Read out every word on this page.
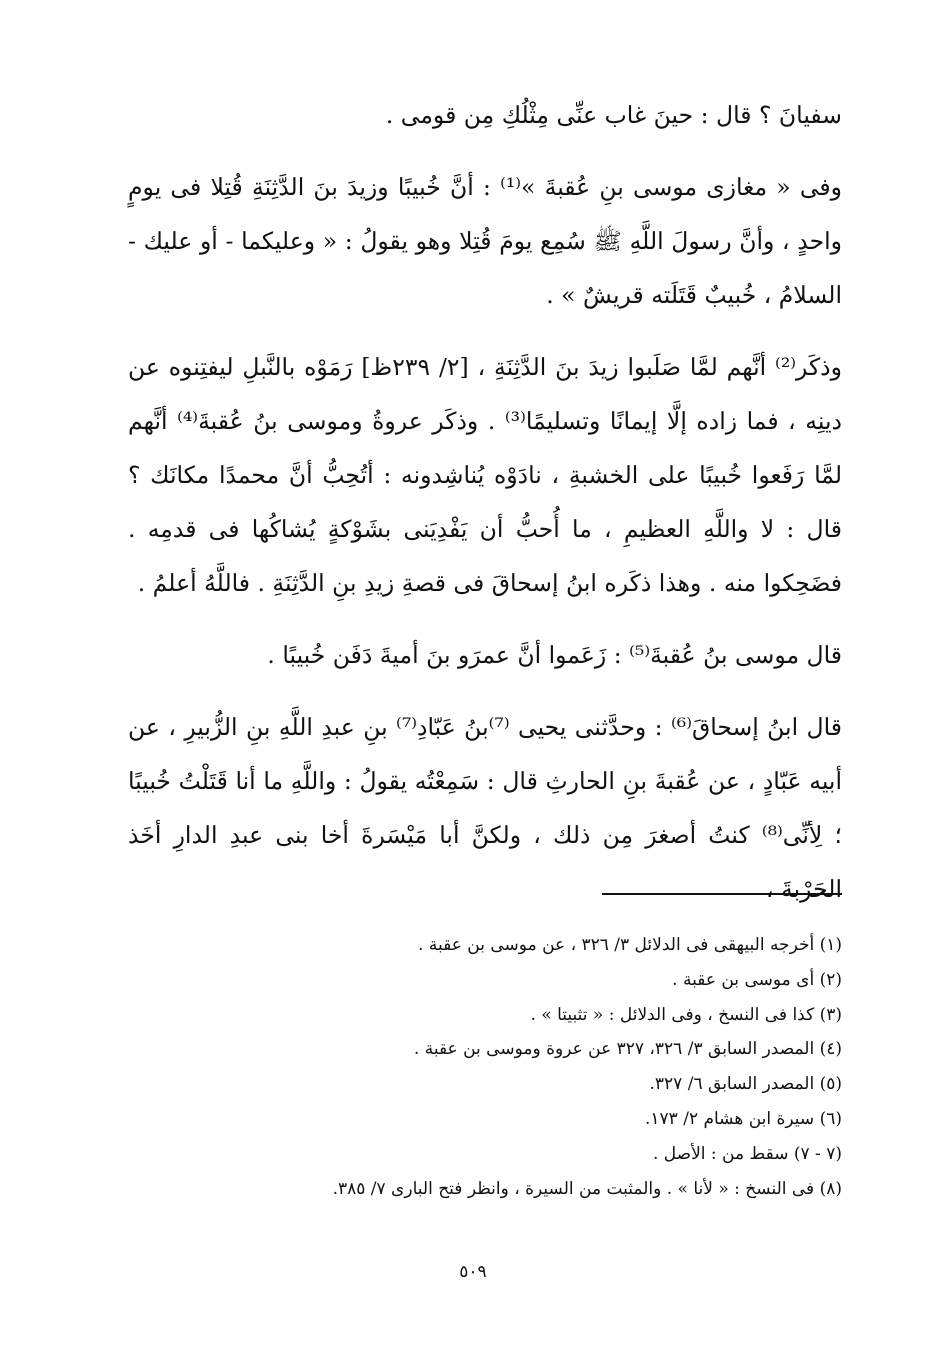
سفيانَ ؟ قال : حينَ غاب عنِّى مِثْلُكِ مِن قومى .

وفى « مغازى موسى بنِ عُقبةَ »⁽¹⁾ : أنَّ خُبيبًا وزيدَ بنَ الدَّثِنَةِ قُتِلا فى يومٍ واحدٍ ، وأنَّ رسولَ اللَّهِ ﷺ سُمِع يومَ قُتِلا وهو يقولُ : « وعليكما - أو عليك - السلامُ ، خُبيبٌ قَتَلَته قريشٌ » .

وذكَر⁽²⁾ أنَّهم لمَّا صَلَبوا زيدَ بنَ الدَّثِنَةِ ، [٢/ ٢٣٩ظ] رَمَوْه بالنَّبلِ ليفتِنوه عن دينِه ، فما زاده إلَّا إيمانًا وتسليمًا⁽³⁾ . وذكَر عروةُ وموسى بنُ عُقبةَ⁽⁴⁾ أنَّهم لمَّا رَفَعوا خُبيبًا على الخشبةِ ، نادَوْه يُناشِدونه : أتُحِبُّ أنَّ محمدًا مكانَك ؟ قال : لا واللَّهِ العظيمِ ، ما أُحبُّ أن يَفْدِيَنى بشَوْكةٍ يُشاكُها فى قدمِه . فضَحِكوا منه . وهذا ذكَره ابنُ إسحاقَ فى قصةِ زيدِ بنِ الدَّثِنَةِ . فاللَّهُ أعلمُ .

قال موسى بنُ عُقبةَ⁽⁵⁾ : زَعَموا أنَّ عمرَو بنَ أميةَ دَفَن خُبيبًا .

قال ابنُ إسحاقَ⁽⁶⁾ : وحدَّثنى يحيى ⁽⁷⁾بنُ عَبّادِ⁽⁷⁾ بنِ عبدِ اللَّهِ بنِ الزُّبيرِ ، عن أبيه عَبّادٍ ، عن عُقبةَ بنِ الحارثِ قال : سَمِعْتُه يقولُ : واللَّهِ ما أنا قَتَلْتُ خُبيبًا ؛ لِأنِّى⁽⁸⁾ كنتُ أصغرَ مِن ذلك ، ولكنَّ أبا مَيْسَرةَ أخا بنى عبدِ الدارِ أخَذ الحَرْبةَ ،

(١) أخرجه البيهقى فى الدلائل ٣/ ٣٢٦ ، عن موسى بن عقبة .

(٢) أى موسى بن عقبة .

(٣) كذا فى النسخ ، وفى الدلائل : « تثبيتا » .

(٤) المصدر السابق ٣/ ٣٢٦، ٣٢٧ عن عروة وموسى بن عقبة .

(٥) المصدر السابق ٦/ ٣٢٧.

(٦) سيرة ابن هشام ٢/ ١٧٣.

(٧ - ٧) سقط من : الأصل .

(٨) فى النسخ : « لأنا » . والمثبت من السيرة ، وانظر فتح البارى ٧/ ٣٨٥.

٥٠٩
